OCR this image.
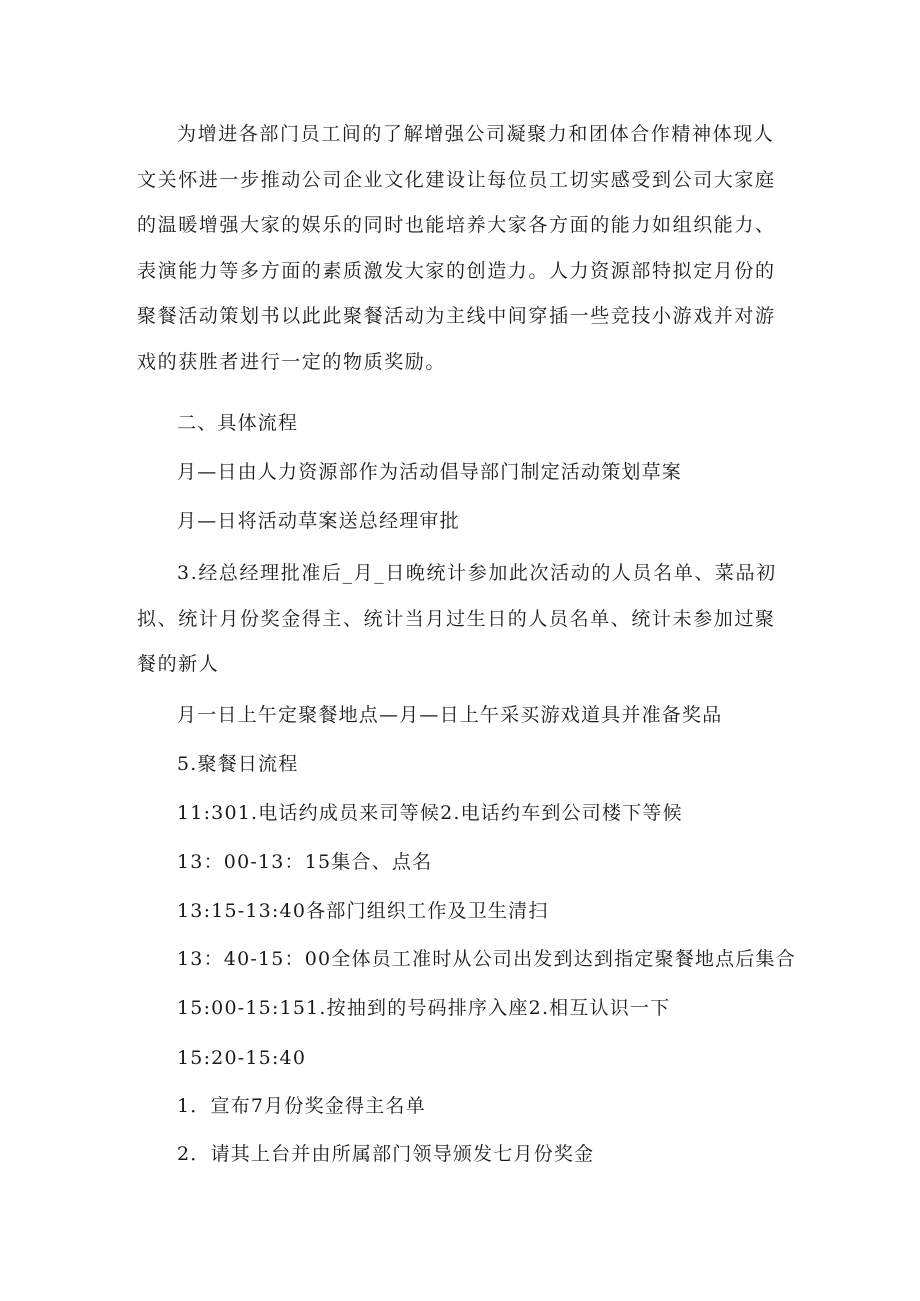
为增进各部门员工间的了解增强公司凝聚力和团体合作精神体现人文关怀进一步推动公司企业文化建设让每位员工切实感受到公司大家庭的温暖增强大家的娱乐的同时也能培养大家各方面的能力如组织能力、表演能力等多方面的素质激发大家的创造力。人力资源部特拟定月份的聚餐活动策划书以此此聚餐活动为主线中间穿插一些竞技小游戏并对游戏的获胜者进行一定的物质奖励。

二、具体流程

月—日由人力资源部作为活动倡导部门制定活动策划草案

月—日将活动草案送总经理审批

3.经总经理批准后_月_日晚统计参加此次活动的人员名单、菜品初拟、统计月份奖金得主、统计当月过生日的人员名单、统计未参加过聚餐的新人

月一日上午定聚餐地点—月—日上午采买游戏道具并准备奖品

5.聚餐日流程

11:301.电话约成员来司等候2.电话约车到公司楼下等候

13：00-13：15集合、点名

13:15-13:40各部门组织工作及卫生清扫

13：40-15：00全体员工准时从公司出发到达到指定聚餐地点后集合

15:00-15:151.按抽到的号码排序入座2.相互认识一下

15:20-15:40

1．宣布7月份奖金得主名单

2．请其上台并由所属部门领导颁发七月份奖金
